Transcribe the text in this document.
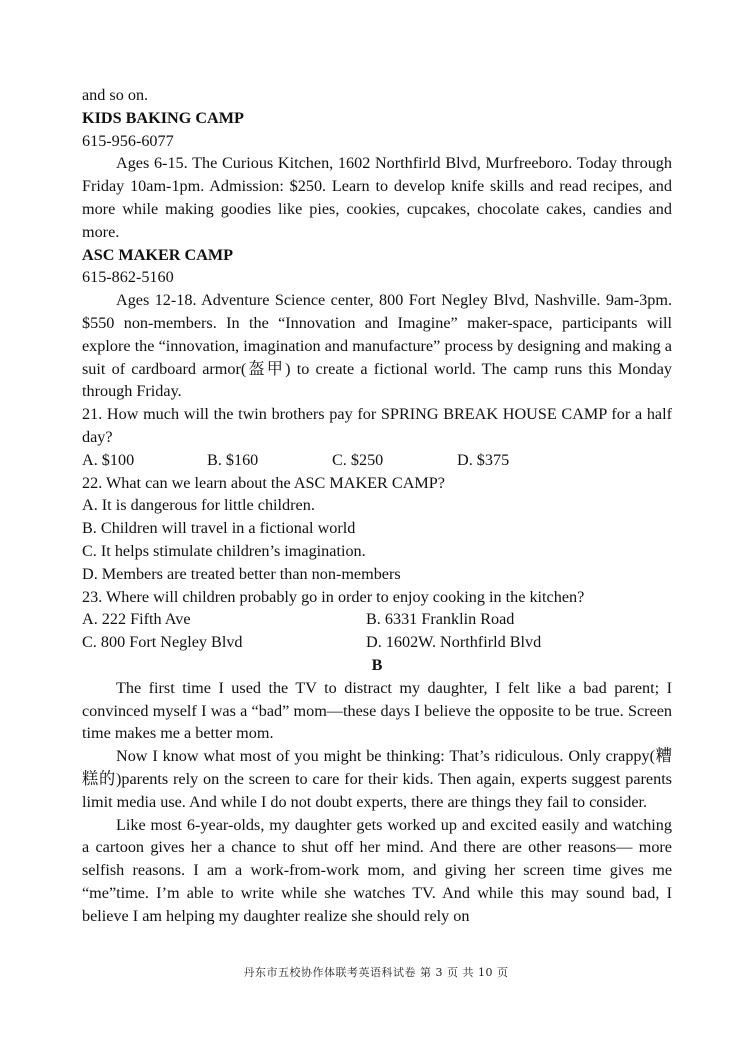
and so on.

KIDS BAKING CAMP

615-956-6077

Ages 6-15. The Curious Kitchen, 1602 Northfirld Blvd, Murfreeboro. Today through Friday 10am-1pm. Admission: $250. Learn to develop knife skills and read recipes, and more while making goodies like pies, cookies, cupcakes, chocolate cakes, candies and more.

ASC MAKER CAMP

615-862-5160

Ages 12-18. Adventure Science center, 800 Fort Negley Blvd, Nashville. 9am-3pm. $550 non-members. In the “Innovation and Imagine” maker-space, participants will explore the “innovation, imagination and manufacture” process by designing and making a suit of cardboard armor(盔甲) to create a fictional world. The camp runs this Monday through Friday.

21. How much will the twin brothers pay for SPRING BREAK HOUSE CAMP for a half day?

A. $100	B. $160	C. $250	D. $375

22. What can we learn about the ASC MAKER CAMP?

A. It is dangerous for little children.

B. Children will travel in a fictional world

C. It helps stimulate children’s imagination.

D. Members are treated better than non-members

23. Where will children probably go in order to enjoy cooking in the kitchen?

A. 222 Fifth Ave	B. 6331 Franklin Road
C. 800 Fort Negley Blvd	D. 1602W. Northfirld Blvd

B

The first time I used the TV to distract my daughter, I felt like a bad parent; I convinced myself I was a “bad” mom—these days I believe the opposite to be true. Screen time makes me a better mom.

Now I know what most of you might be thinking: That’s ridiculous. Only crappy(糟糕的)parents rely on the screen to care for their kids. Then again, experts suggest parents limit media use. And while I do not doubt experts, there are things they fail to consider.

Like most 6-year-olds, my daughter gets worked up and excited easily and watching a cartoon gives her a chance to shut off her mind. And there are other reasons— more selfish reasons. I am a work-from-work mom, and giving her screen time gives me “me”time. I’m able to write while she watches TV. And while this may sound bad, I believe I am helping my daughter realize she should rely on

丹东市五校协作体联考英语科试卷 第 3 页 共 10 页
